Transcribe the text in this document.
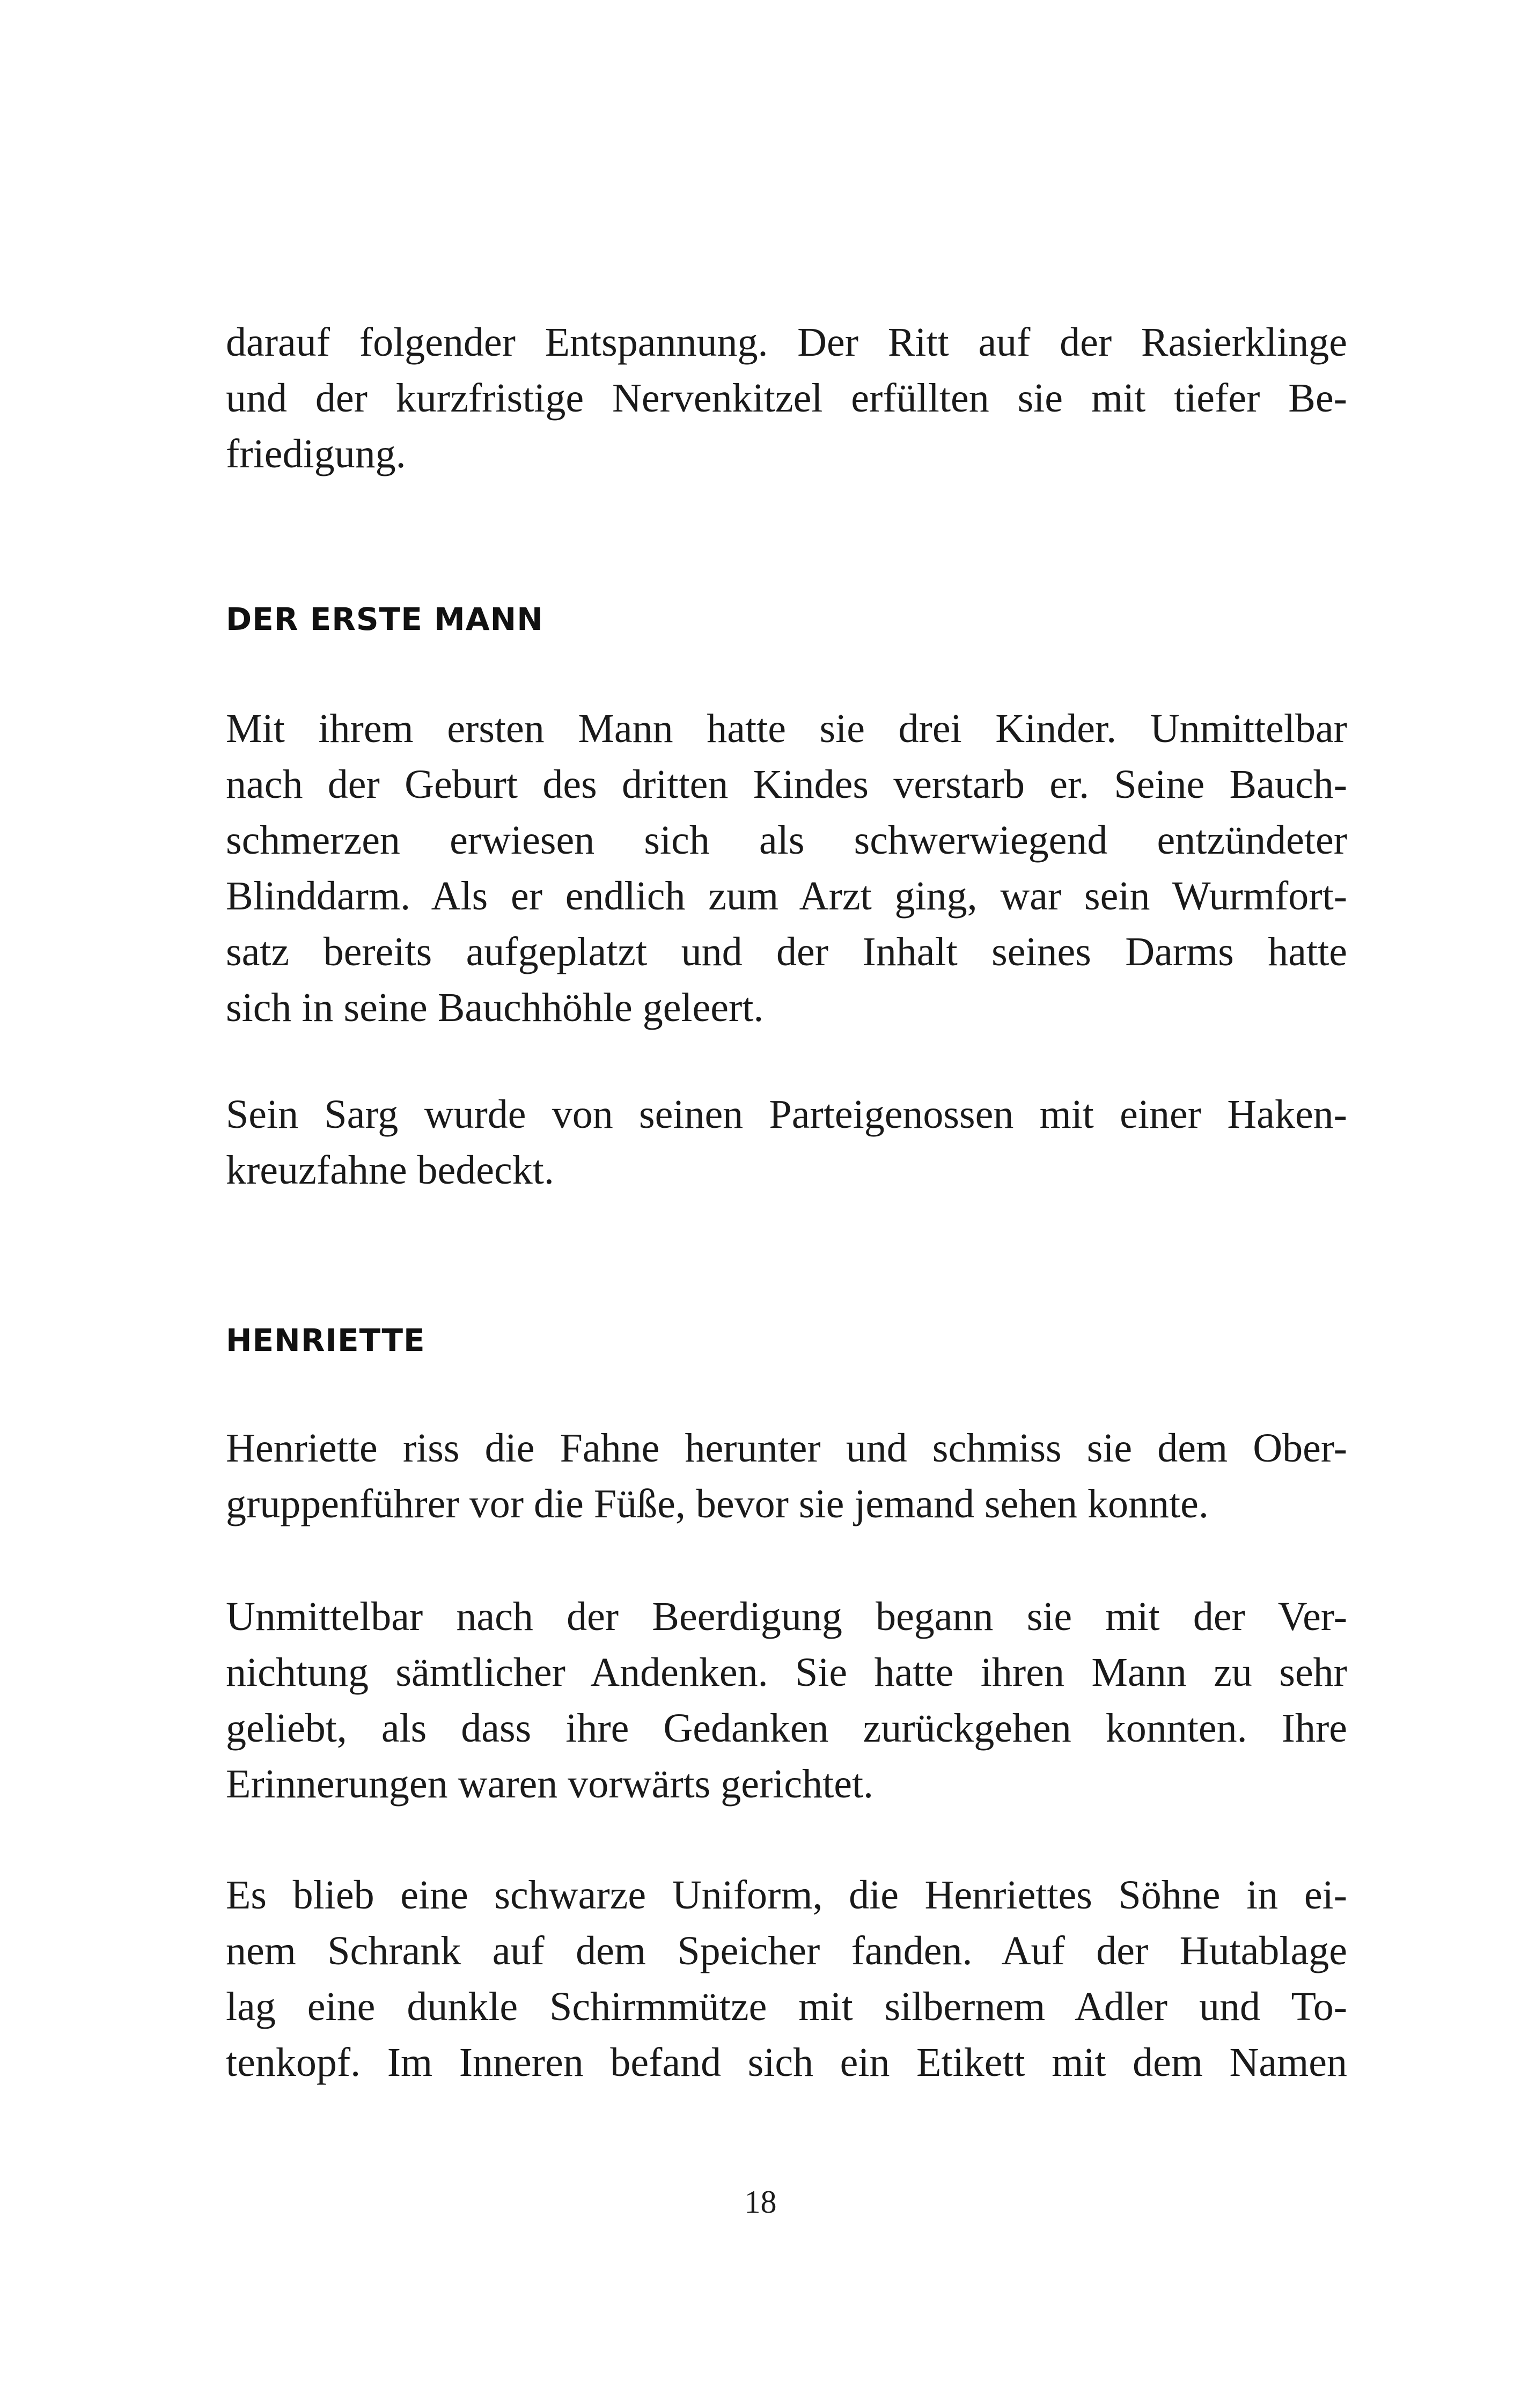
darauf folgender Entspannung. Der Ritt auf der Rasierklinge
und der kurzfristige Nervenkitzel erfüllten sie mit tiefer Be-
friedigung.
DER ERSTE MANN
Mit ihrem ersten Mann hatte sie drei Kinder. Unmittelbar
nach der Geburt des dritten Kindes verstarb er. Seine Bauch-
schmerzen erwiesen sich als schwerwiegend entzündeter
Blinddarm. Als er endlich zum Arzt ging, war sein Wurmfort-
satz bereits aufgeplatzt und der Inhalt seines Darms hatte
sich in seine Bauchhöhle geleert.
Sein Sarg wurde von seinen Parteigenossen mit einer Haken-
kreuzfahne bedeckt.
HENRIETTE
Henriette riss die Fahne herunter und schmiss sie dem Ober-
gruppenführer vor die Füße, bevor sie jemand sehen konnte.
Unmittelbar nach der Beerdigung begann sie mit der Ver-
nichtung sämtlicher Andenken. Sie hatte ihren Mann zu sehr
geliebt, als dass ihre Gedanken zurückgehen konnten. Ihre
Erinnerungen waren vorwärts gerichtet.
Es blieb eine schwarze Uniform, die Henriettes Söhne in ei-
nem Schrank auf dem Speicher fanden. Auf der Hutablage
lag eine dunkle Schirmmütze mit silbernem Adler und To-
tenkopf. Im Inneren befand sich ein Etikett mit dem Namen
18
